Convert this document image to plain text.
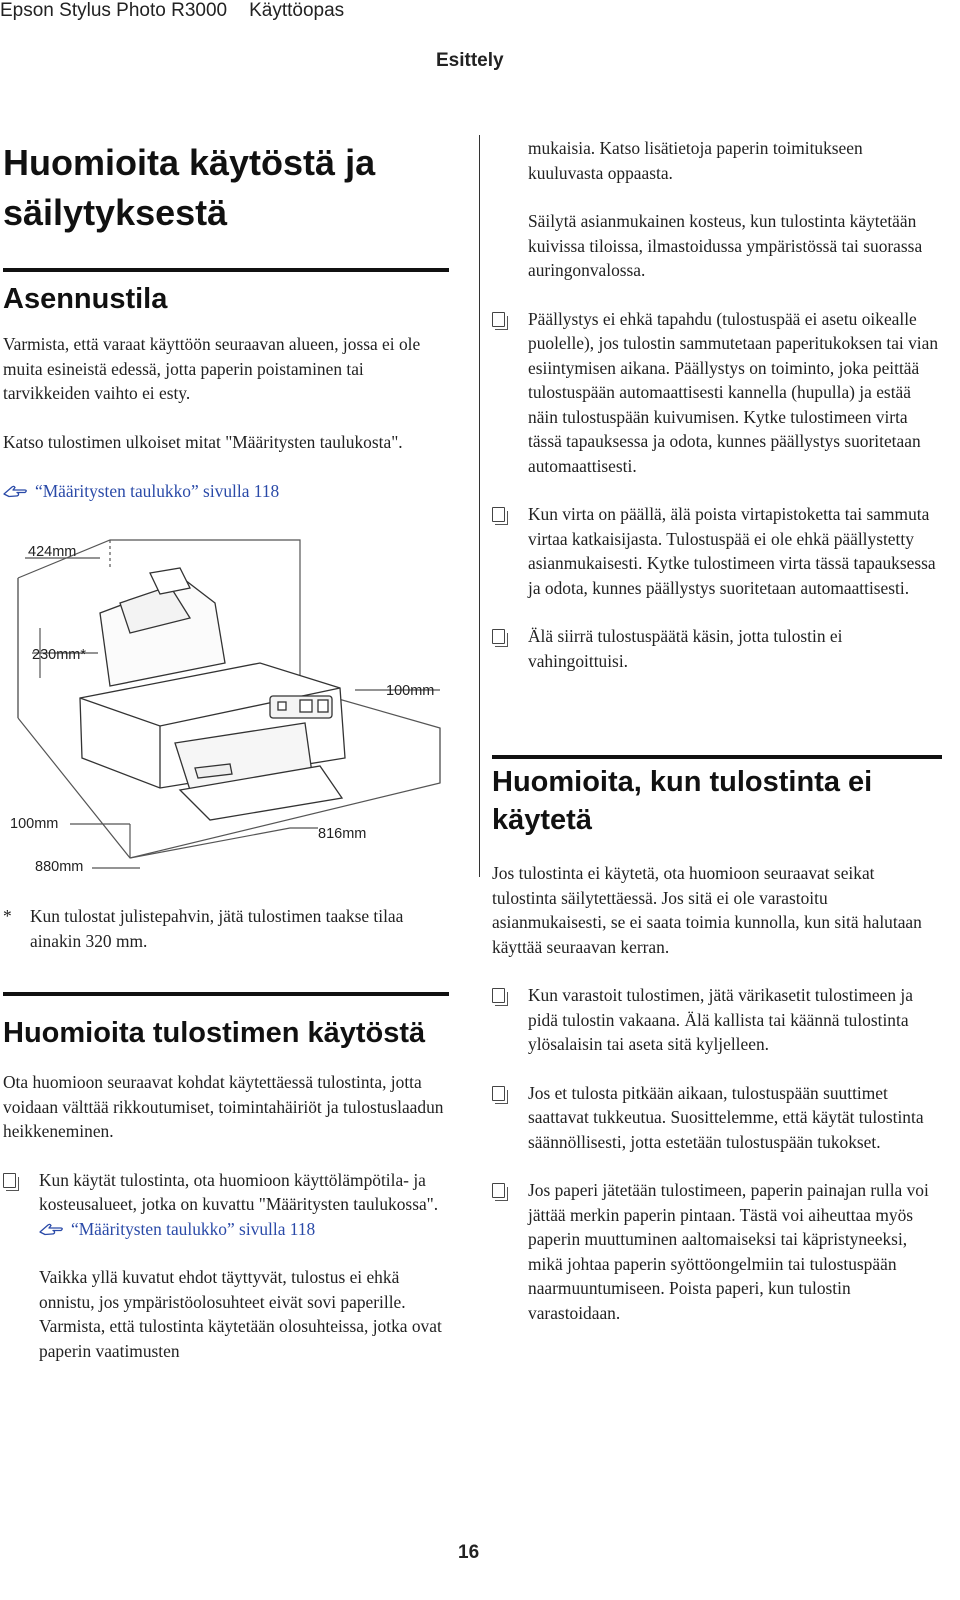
Epson Stylus Photo R3000 Käyttöopas
Esittely
Huomioita käytöstä ja
säilytyksestä
Asennustila

Varmista, että varaat käyttöön seuraavan alueen, jossa ei ole muita esineistä edessä, jotta paperin poistaminen tai tarvikkeiden vaihto ei esty.

Katso tulostimen ulkoiset mitat "Määritysten taulukosta".

“Määritysten taulukko” sivulla 118

424mm
230mm*
100mm
100mm
816mm
880mm
*	Kun tulostat julistepahvin, jätä tulostimen taakse tilaa ainakin 320 mm.
Huomioita tulostimen käytöstä

Ota huomioon seuraavat kohdat käytettäessä tulostinta, jotta voidaan välttää rikkoutumiset, toimintahäiriöt ja tulostuslaadun heikkeneminen.

Kun käytät tulostinta, ota huomioon käyttölämpötila- ja kosteusalueet, jotka on kuvattu "Määritysten taulukossa". “Määritysten taulukko” sivulla 118

Vaikka yllä kuvatut ehdot täyttyvät, tulostus ei ehkä onnistu, jos ympäristöolosuhteet eivät sovi paperille. Varmista, että tulostinta käytetään olosuhteissa, jotka ovat paperin vaatimusten

mukaisia. Katso lisätietoja paperin toimitukseen kuuluvasta oppaasta.

Säilytä asianmukainen kosteus, kun tulostinta käytetään kuivissa tiloissa, ilmastoidussa ympäristössä tai suorassa auringonvalossa.

Päällystys ei ehkä tapahdu (tulostuspää ei asetu oikealle puolelle), jos tulostin sammutetaan paperitukoksen tai vian esiintymisen aikana. Päällystys on toiminto, joka peittää tulostuspään automaattisesti kannella (hupulla) ja estää näin tulostuspään kuivumisen. Kytke tulostimeen virta tässä tapauksessa ja odota, kunnes päällystys suoritetaan automaattisesti.
Kun virta on päällä, älä poista virtapistoketta tai sammuta virtaa katkaisijasta. Tulostuspää ei ole ehkä päällystetty asianmukaisesti. Kytke tulostimeen virta tässä tapauksessa ja odota, kunnes päällystys suoritetaan automaattisesti.
Älä siirrä tulostuspäätä käsin, jotta tulostin ei vahingoittuisi.
Huomioita, kun tulostinta ei
käytetä

Jos tulostinta ei käytetä, ota huomioon seuraavat seikat tulostinta säilytettäessä. Jos sitä ei ole varastoitu asianmukaisesti, se ei saata toimia kunnolla, kun sitä halutaan käyttää seuraavan kerran.

Kun varastoit tulostimen, jätä värikasetit tulostimeen ja pidä tulostin vakaana. Älä kallista tai käännä tulostinta ylösalaisin tai aseta sitä kyljelleen.
Jos et tulosta pitkään aikaan, tulostuspään suuttimet saattavat tukkeutua. Suosittelemme, että käytät tulostinta säännöllisesti, jotta estetään tulostuspään tukokset.
Jos paperi jätetään tulostimeen, paperin painajan rulla voi jättää merkin paperin pintaan. Tästä voi aiheuttaa myös paperin muuttuminen aaltomaiseksi tai käpristyneeksi, mikä johtaa paperin syöttöongelmiin tai tulostuspään naarmuuntumiseen. Poista paperi, kun tulostin varastoidaan.
16
